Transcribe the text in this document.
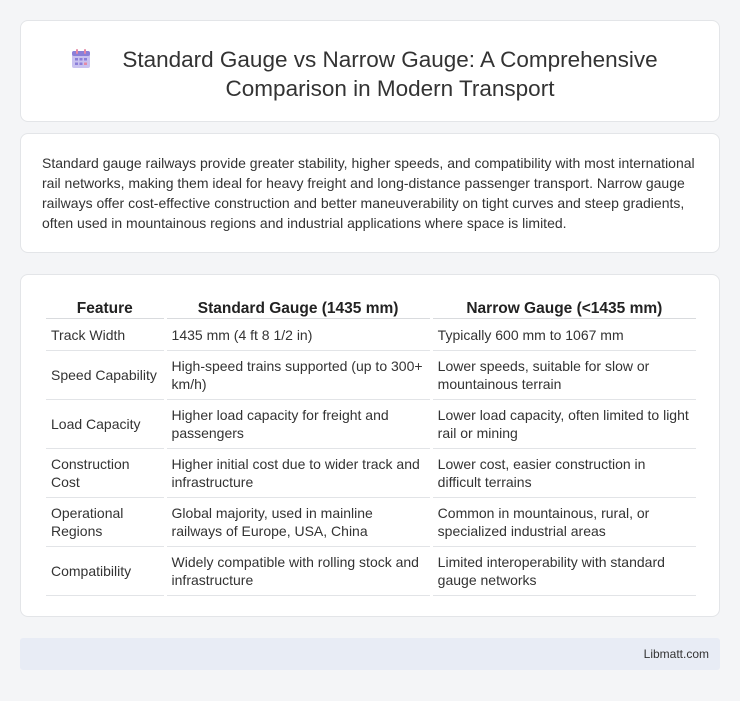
Standard Gauge vs Narrow Gauge: A Comprehensive Comparison in Modern Transport

Standard gauge railways provide greater stability, higher speeds, and compatibility with most international rail networks, making them ideal for heavy freight and long-distance passenger transport. Narrow gauge railways offer cost-effective construction and better maneuverability on tight curves and steep gradients, often used in mountainous regions and industrial applications where space is limited.

Feature	Standard Gauge (1435 mm)	Narrow Gauge (<1435 mm)
Track Width	1435 mm (4 ft 8 1/2 in)	Typically 600 mm to 1067 mm
Speed Capability	High-speed trains supported (up to 300+ km/h)	Lower speeds, suitable for slow or mountainous terrain
Load Capacity	Higher load capacity for freight and passengers	Lower load capacity, often limited to light rail or mining
Construction Cost	Higher initial cost due to wider track and infrastructure	Lower cost, easier construction in difficult terrains
Operational Regions	Global majority, used in mainline railways of Europe, USA, China	Common in mountainous, rural, or specialized industrial areas
Compatibility	Widely compatible with rolling stock and infrastructure	Limited interoperability with standard gauge networks
Libmatt.com
